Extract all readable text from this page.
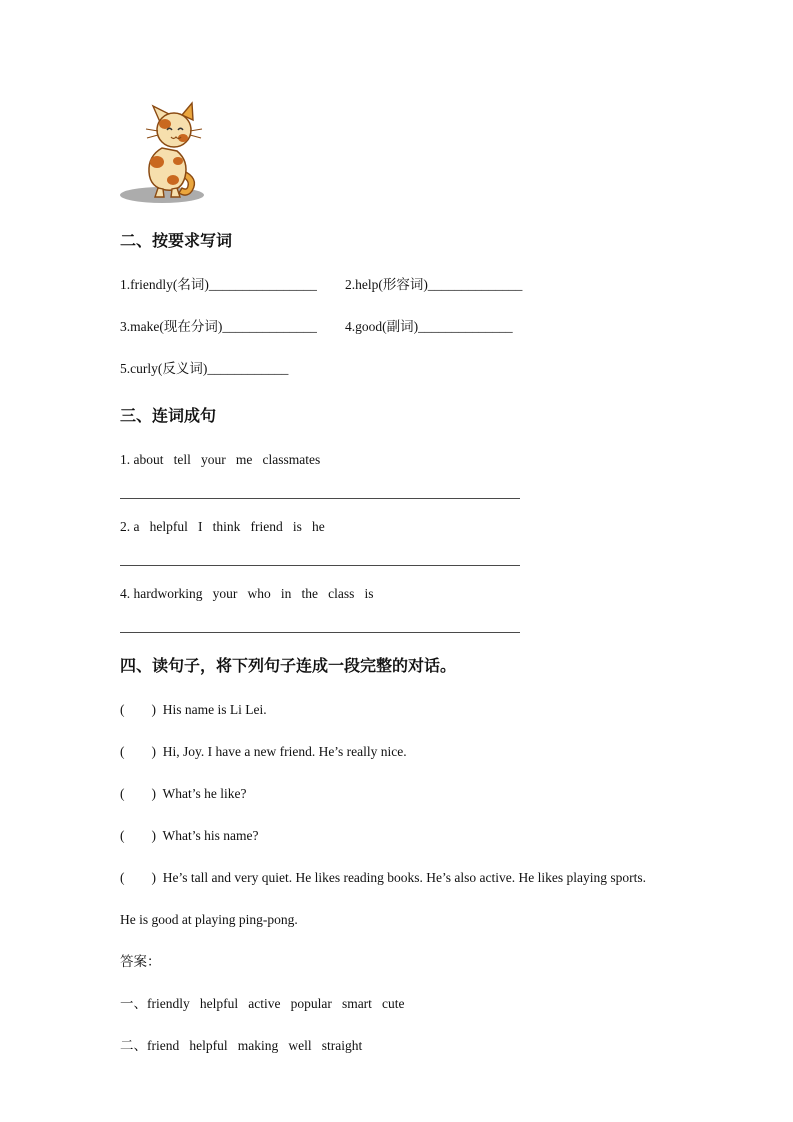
二、按要求写词
1.friendly(名词)________________	2.help(形容词)______________
3.make(现在分词)______________	4.good(副词)______________
5.curly(反义词)____________
三、连词成句

1. about   tell   your   me   classmates

2. a   helpful   I   think   friend   is   he

4. hardworking   your   who   in   the   class   is

四、读句子，将下列句子连成一段完整的对话。

(        )  His name is Li Lei.

(        )  Hi, Joy. I have a new friend. He’s really nice.

(        )  What’s he like?

(        )  What’s his name?

(        )  He’s tall and very quiet. He likes reading books. He’s also active. He likes playing sports.

He is good at playing ping-pong.

答案：

一、friendly   helpful   active   popular   smart   cute

二、friend   helpful   making   well   straight
